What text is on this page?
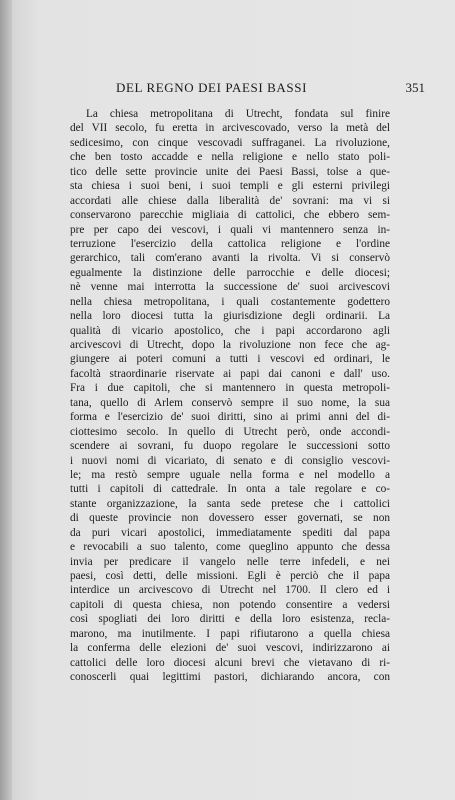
DEL REGNO DEI PAESI BASSI	351
La chiesa metropolitana di Utrecht, fondata sul finire
del VII secolo, fu eretta in arcivescovado, verso la metà del
sedicesimo, con cinque vescovadi suffraganei. La rivoluzione,
che ben tosto accadde e nella religione e nello stato poli-
tico delle sette provincie unite dei Paesi Bassi, tolse a que-
sta chiesa i suoi beni, i suoi templi e gli esterni privilegi
accordati alle chiese dalla liberalità de' sovrani: ma vi si
conservarono parecchie migliaia di cattolici, che ebbero sem-
pre per capo dei vescovi, i quali vi mantennero senza in-
terruzione l'esercizio della cattolica religione e l'ordine
gerarchico, tali com'erano avanti la rivolta. Vi si conservò
egualmente la distinzione delle parrocchie e delle diocesi;
nè venne mai interrotta la successione de' suoi arcivescovi
nella chiesa metropolitana, i quali costantemente godettero
nella loro diocesi tutta la giurisdizione degli ordinarii. La
qualità di vicario apostolico, che i papi accordarono agli
arcivescovi di Utrecht, dopo la rivoluzione non fece che ag-
giungere ai poteri comuni a tutti i vescovi ed ordinari, le
facoltà straordinarie riservate ai papi dai canoni e dall' uso.
Fra i due capitoli, che si mantennero in questa metropoli-
tana, quello di Arlem conservò sempre il suo nome, la sua
forma e l'esercizio de' suoi diritti, sino ai primi anni del di-
ciottesimo secolo. In quello di Utrecht però, onde accondi-
scendere ai sovrani, fu duopo regolare le successioni sotto
i nuovi nomi di vicariato, di senato e di consiglio vescovi-
le; ma restò sempre uguale nella forma e nel modello a
tutti i capitoli di cattedrale. In onta a tale regolare e co-
stante organizzazione, la santa sede pretese che i cattolici
di queste provincie non dovessero esser governati, se non
da puri vicari apostolici, immediatamente spediti dal papa
e revocabili a suo talento, come queglino appunto che dessa
invia per predicare il vangelo nelle terre infedeli, e nei
paesi, così detti, delle missioni. Egli è perciò che il papa
interdice un arcivescovo di Utrecht nel 1700. Il clero ed i
capitoli di questa chiesa, non potendo consentire a vedersi
così spogliati dei loro diritti e della loro esistenza, recla-
marono, ma inutilmente. I papi rifiutarono a quella chiesa
la conferma delle elezioni de' suoi vescovi, indirizzarono ai
cattolici delle loro diocesi alcuni brevi che vietavano di ri-
conoscerli quai legittimi pastori, dichiarando ancora, con
